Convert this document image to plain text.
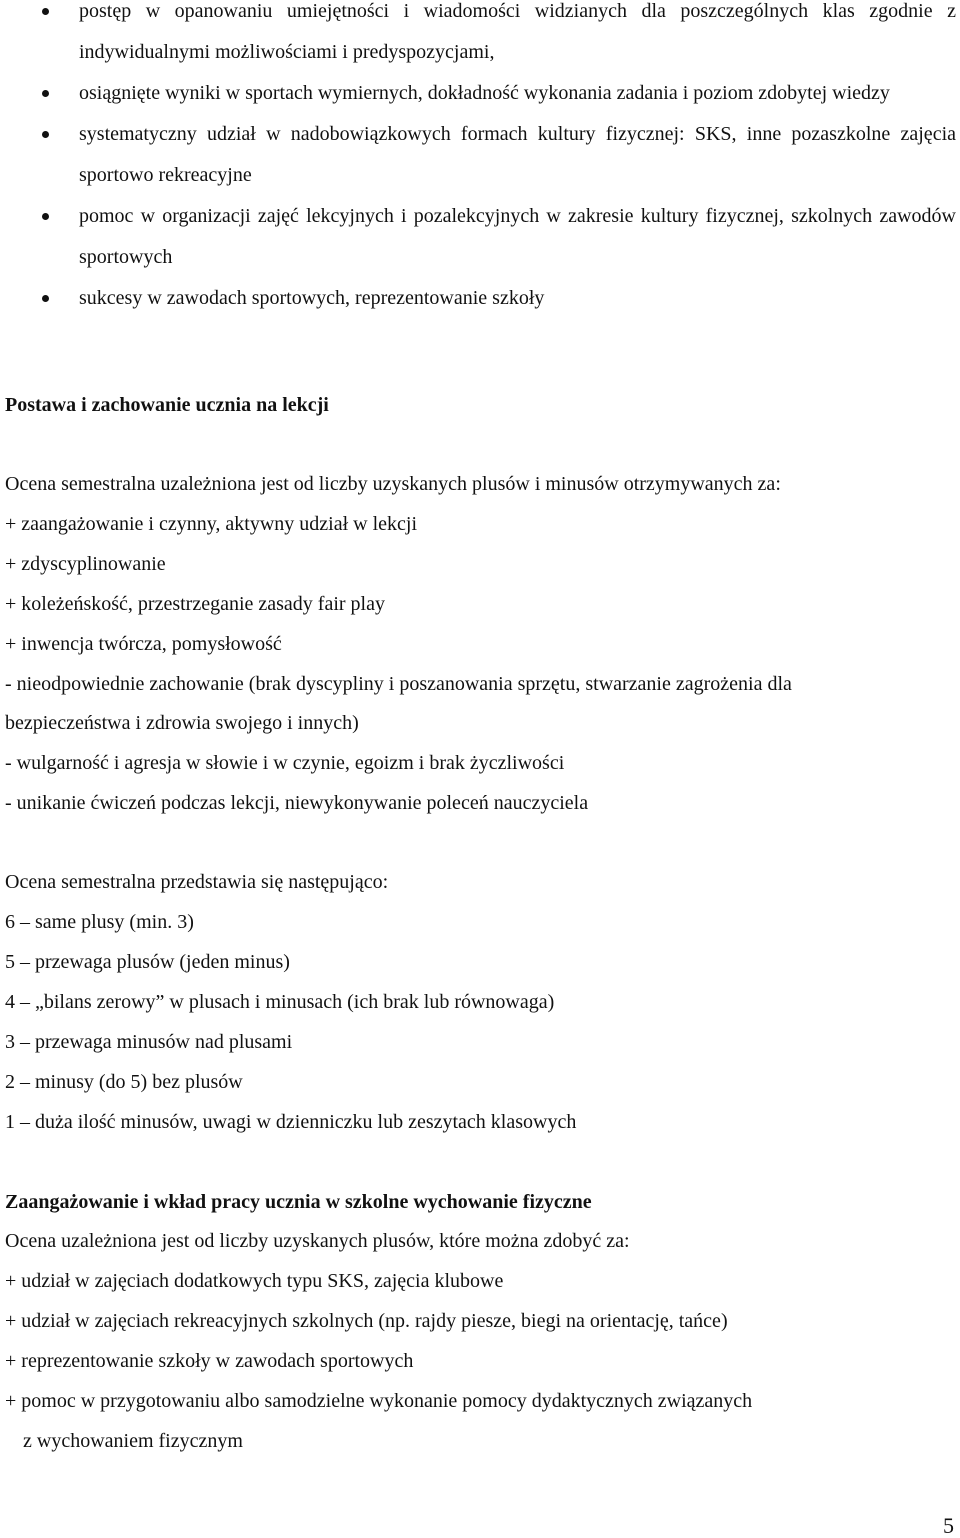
postęp w opanowaniu umiejętności i wiadomości widzianych dla poszczególnych klas zgodnie z indywidualnymi możliwościami i predyspozycjami,
osiągnięte wyniki w sportach wymiernych, dokładność wykonania zadania i poziom zdobytej wiedzy
systematyczny udział w nadobowiązkowych formach kultury fizycznej: SKS, inne pozaszkolne zajęcia sportowo rekreacyjne
pomoc w organizacji zajęć lekcyjnych i pozalekcyjnych w zakresie kultury fizycznej, szkolnych zawodów sportowych
sukcesy w zawodach sportowych, reprezentowanie szkoły
Postawa i zachowanie ucznia na lekcji
Ocena semestralna uzależniona jest od liczby uzyskanych plusów i minusów otrzymywanych za:
+ zaangażowanie i czynny, aktywny udział w lekcji
+ zdyscyplinowanie
+ koleżeńskość, przestrzeganie zasady fair play
+ inwencja twórcza, pomysłowość
- nieodpowiednie zachowanie (brak dyscypliny i poszanowania sprzętu, stwarzanie zagrożenia dla
bezpieczeństwa i zdrowia swojego i innych)
- wulgarność i agresja w słowie i w czynie, egoizm i brak życzliwości
- unikanie ćwiczeń podczas lekcji, niewykonywanie poleceń nauczyciela
Ocena semestralna przedstawia się następująco:
6 – same plusy (min. 3)
5 – przewaga plusów (jeden minus)
4 – „bilans zerowy” w plusach i minusach (ich brak lub równowaga)
3 – przewaga minusów nad plusami
2 – minusy (do 5) bez plusów
1 – duża ilość minusów, uwagi w dzienniczku lub zeszytach klasowych
Zaangażowanie i wkład pracy ucznia w szkolne wychowanie fizyczne
Ocena uzależniona jest od liczby uzyskanych plusów, które można zdobyć za:
+ udział w zajęciach dodatkowych typu SKS, zajęcia klubowe
+ udział w zajęciach rekreacyjnych szkolnych (np. rajdy piesze, biegi na orientację, tańce)
+ reprezentowanie szkoły w zawodach sportowych
+ pomoc w przygotowaniu albo samodzielne wykonanie pomocy dydaktycznych związanych
z wychowaniem fizycznym
5
